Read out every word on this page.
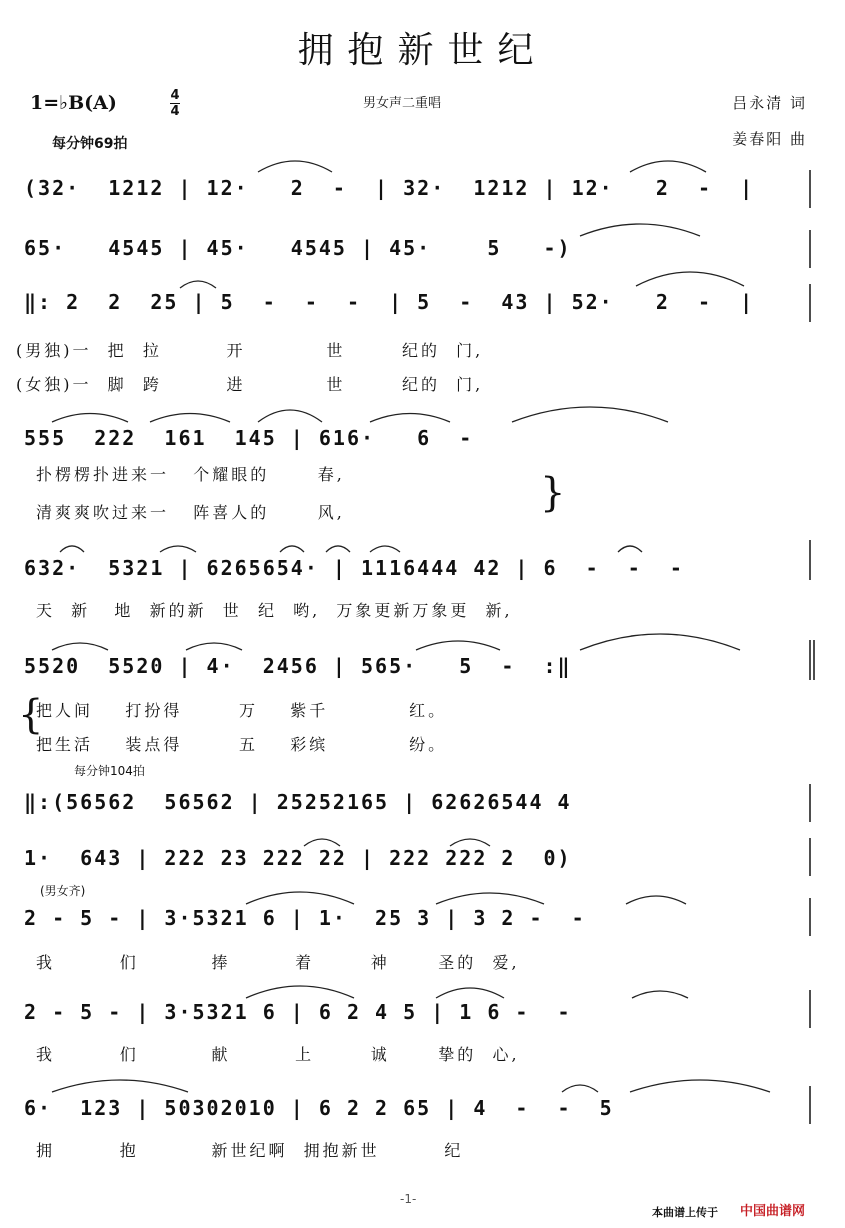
拥抱新世纪
1=♭B(A)	4
4
每分钟69拍
男女声二重唱	吕永清 词
姜春阳 曲
(32·  1212 | 12·   2  -  | 32·  1212 | 12·   2  -  |
65·   4545 | 45·   4545 | 45·    5   -)
‖: 2  2  25 | 5  -  -  -  | 5  -  43 | 52·   2  -  |
(男独)一  把  拉        开          世       纪的  门,
(女独)一  脚  跨        进          世       纪的  门,
555  222  161  145 | 616·   6  -
扑楞楞扑进来一   个耀眼的      春,
清爽爽吹过来一   阵喜人的      风,	}
632·  5321 | 6265654· | 1116444 42 | 6  -  -  -
天  新   地  新的新  世  纪  哟,  万象更新万象更  新,
5520  5520 | 4·  2456 | 565·   5  -  :‖
{
把人间    打扮得       万    紫千          红。
把生活    装点得       五    彩缤          纷。
每分钟104拍
‖:(56562  56562 | 25252165 | 62626544 4
1·  643 | 222 23 222 22 | 222 222 2  0)
(男女齐)
2 - 5 - | 3·5321 6 | 1·  25 3 | 3 2 -  -
我        们         捧        着       神      圣的  爱,
2 - 5 - | 3·5321 6 | 6 2 4 5 | 1 6 -  -
我        们         献        上       诚      挚的  心,
6·  123 | 50302010 | 6 2 2 65 | 4  -  -  5
拥        抱         新世纪啊  拥抱新世        纪
-1-
本曲谱上传于 中国曲谱网
